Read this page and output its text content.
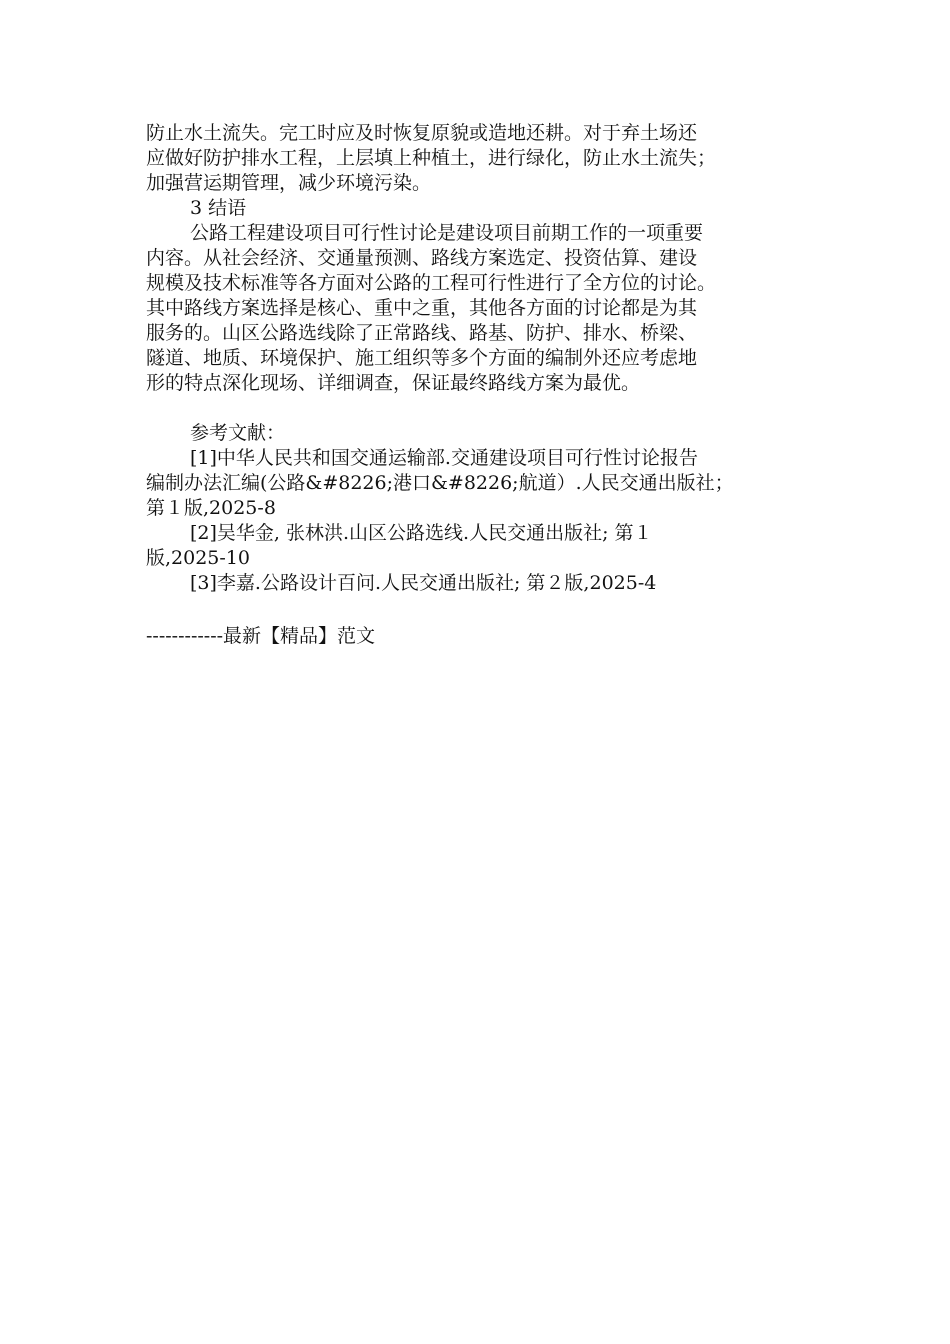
防止水土流失。完工时应及时恢复原貌或造地还耕。对于弃土场还
应做好防护排水工程，上层填上种植土，进行绿化，防止水土流失；
加强营运期管理，减少环境污染。
3 结语
公路工程建设项目可行性讨论是建设项目前期工作的一项重要
内容。从社会经济、交通量预测、路线方案选定、投资估算、建设
规模及技术标准等各方面对公路的工程可行性进行了全方位的讨论。
其中路线方案选择是核心、重中之重，其他各方面的讨论都是为其
服务的。山区公路选线除了正常路线、路基、防护、排水、桥梁、
隧道、地质、环境保护、施工组织等多个方面的编制外还应考虑地
形的特点深化现场、详细调查，保证最终路线方案为最优。
参考文献：
[1]中华人民共和国交通运输部.交通建设项目可行性讨论报告
编制办法汇编(公路&#8226;港口&#8226;航道）.人民交通出版社；
第１版,2025-8
[2]吴华金, 张林洪.山区公路选线.人民交通出版社; 第１
版,2025-10
[3]李嘉.公路设计百问.人民交通出版社; 第２版,2025-4
------------最新【精品】范文
